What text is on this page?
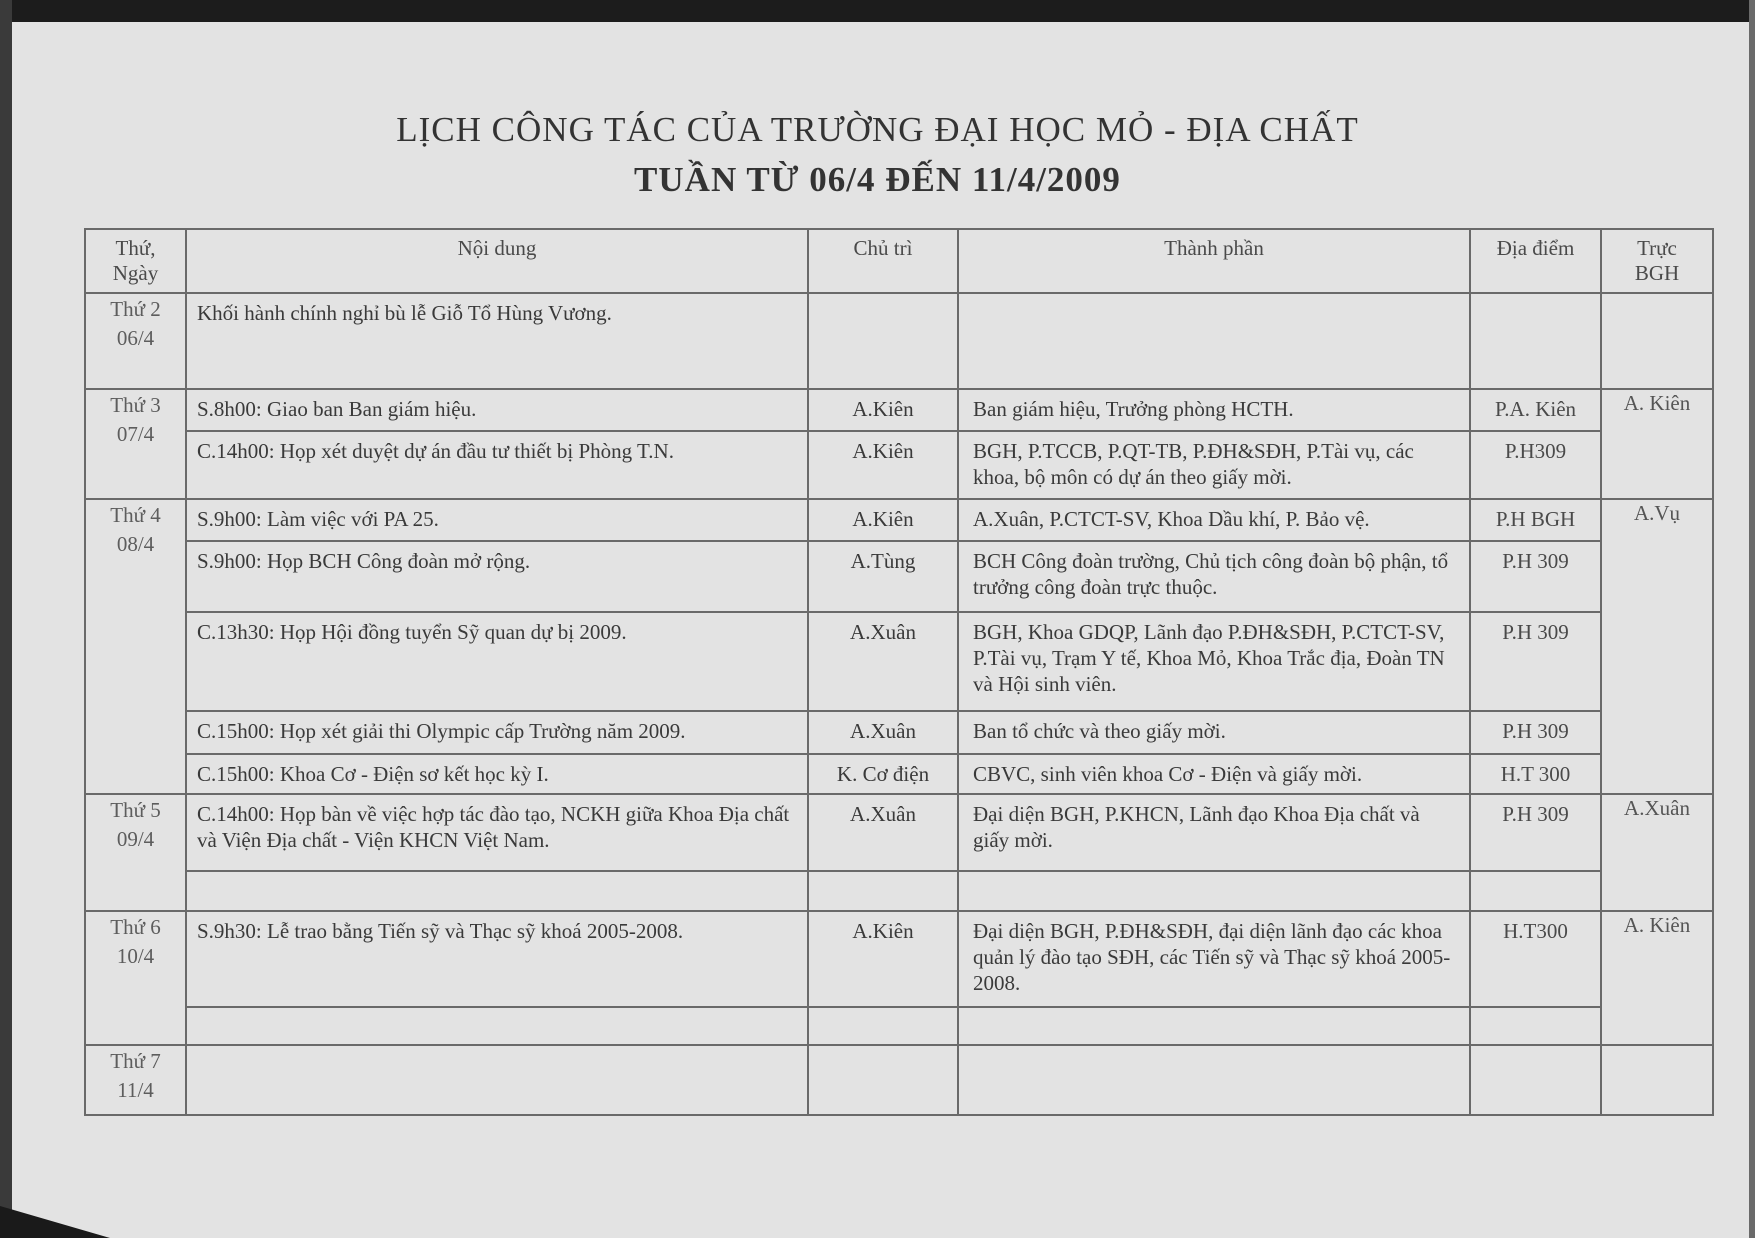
LỊCH CÔNG TÁC CỦA TRƯỜNG ĐẠI HỌC MỎ - ĐỊA CHẤT
TUẦN TỪ 06/4 ĐẾN 11/4/2009
Thứ,
Ngày	Nội dung	Chủ trì	Thành phần	Địa điểm	Trực
BGH
Thứ 2
06/4	Khối hành chính nghỉ bù lễ Giỗ Tổ Hùng Vương.				
Thứ 3
07/4	S.8h00: Giao ban Ban giám hiệu.	A.Kiên	Ban giám hiệu, Trưởng phòng HCTH.	P.A. Kiên	A. Kiên
	C.14h00: Họp xét duyệt dự án đầu tư thiết bị Phòng T.N.	A.Kiên	BGH, P.TCCB, P.QT-TB, P.ĐH&SĐH, P.Tài vụ, các khoa, bộ môn có dự án theo giấy mời.	P.H309	
Thứ 4
08/4	S.9h00: Làm việc với PA 25.	A.Kiên	A.Xuân, P.CTCT-SV, Khoa Dầu khí, P. Bảo vệ.	P.H BGH	A.Vụ
	S.9h00: Họp BCH Công đoàn mở rộng.	A.Tùng	BCH Công đoàn trường, Chủ tịch công đoàn bộ phận, tổ trưởng công đoàn trực thuộc.	P.H 309	
	C.13h30: Họp Hội đồng tuyển Sỹ quan dự bị 2009.	A.Xuân	BGH, Khoa GDQP, Lãnh đạo P.ĐH&SĐH, P.CTCT-SV, P.Tài vụ, Trạm Y tế, Khoa Mỏ, Khoa Trắc địa, Đoàn TN và Hội sinh viên.	P.H 309	
	C.15h00: Họp xét giải thi Olympic cấp Trường năm 2009.	A.Xuân	Ban tổ chức và theo giấy mời.	P.H 309	
	C.15h00: Khoa Cơ - Điện sơ kết học kỳ I.	K. Cơ điện	CBVC, sinh viên khoa Cơ - Điện và giấy mời.	H.T 300	
Thứ 5
09/4	C.14h00: Họp bàn về việc hợp tác đào tạo, NCKH giữa Khoa Địa chất và Viện Địa chất - Viện KHCN Việt Nam.	A.Xuân	Đại diện BGH, P.KHCN, Lãnh đạo Khoa Địa chất và giấy mời.	P.H 309	A.Xuân

Thứ 6
10/4	S.9h30: Lễ trao bằng Tiến sỹ và Thạc sỹ khoá 2005-2008.	A.Kiên	Đại diện BGH, P.ĐH&SĐH, đại diện lãnh đạo các khoa quản lý đào tạo SĐH, các Tiến sỹ và Thạc sỹ khoá 2005-2008.	H.T300	A. Kiên

Thứ 7
11/4					
